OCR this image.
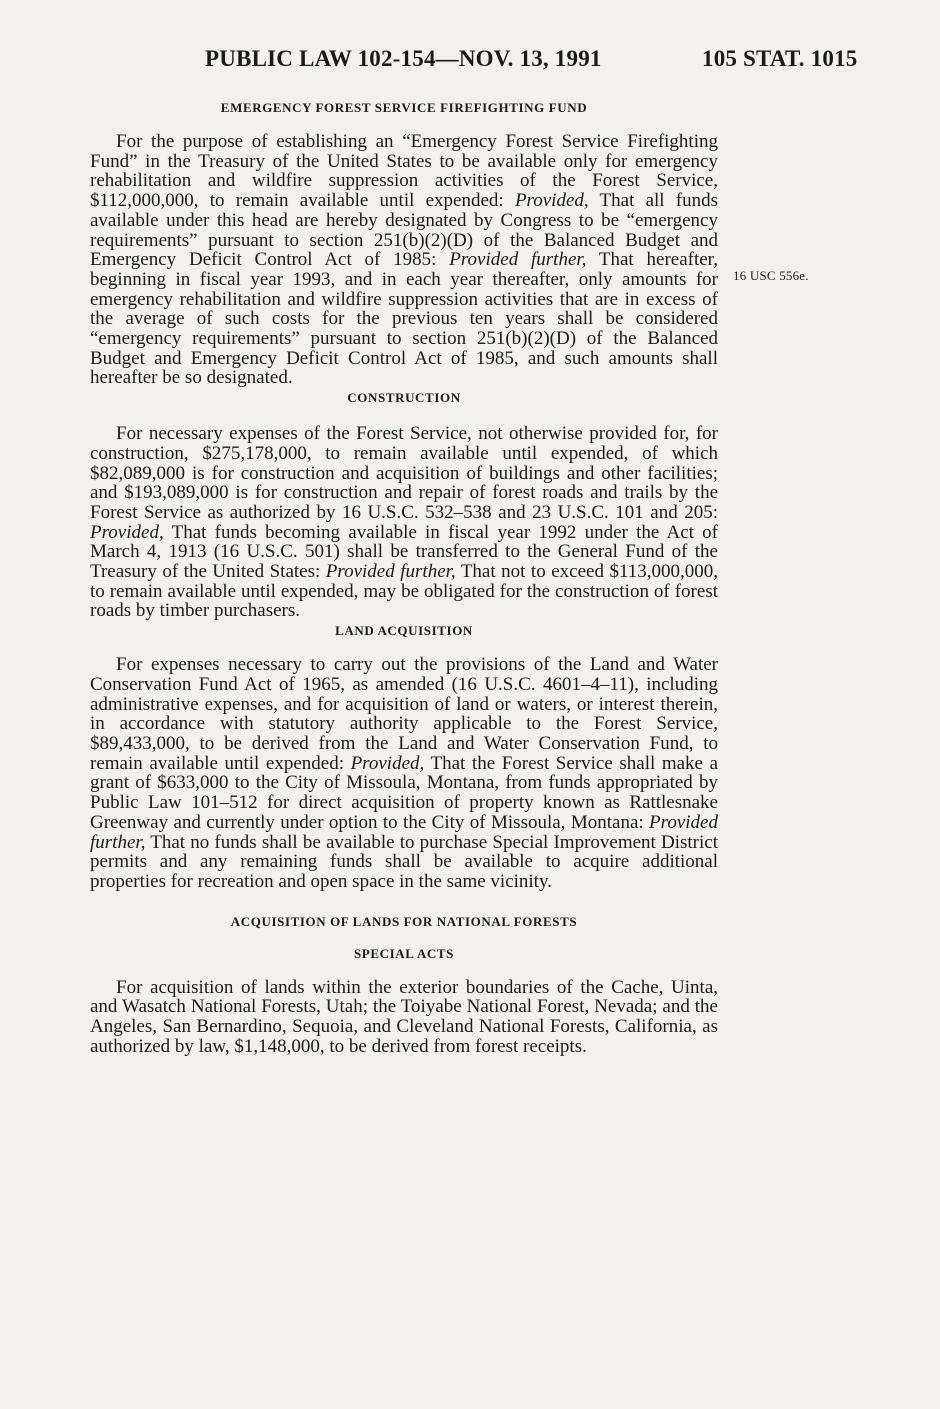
PUBLIC LAW 102-154—NOV. 13, 1991	105 STAT. 1015
16 USC 556e.
EMERGENCY FOREST SERVICE FIREFIGHTING FUND

For the purpose of establishing an “Emergency Forest Service Firefighting Fund” in the Treasury of the United States to be available only for emergency rehabilitation and wildfire suppression activities of the Forest Service, $112,000,000, to remain available until expended: Provided, That all funds available under this head are hereby designated by Congress to be “emergency requirements” pursuant to section 251(b)(2)(D) of the Balanced Budget and Emergency Deficit Control Act of 1985: Provided further, That hereafter, beginning in fiscal year 1993, and in each year thereafter, only amounts for emergency rehabilitation and wildfire suppression activities that are in excess of the average of such costs for the previous ten years shall be considered “emergency requirements” pursuant to section 251(b)(2)(D) of the Balanced Budget and Emergency Deficit Control Act of 1985, and such amounts shall hereafter be so designated.

CONSTRUCTION

For necessary expenses of the Forest Service, not otherwise provided for, for construction, $275,178,000, to remain available until expended, of which $82,089,000 is for construction and acquisition of buildings and other facilities; and $193,089,000 is for construction and repair of forest roads and trails by the Forest Service as authorized by 16 U.S.C. 532–538 and 23 U.S.C. 101 and 205: Provided, That funds becoming available in fiscal year 1992 under the Act of March 4, 1913 (16 U.S.C. 501) shall be transferred to the General Fund of the Treasury of the United States: Provided further, That not to exceed $113,000,000, to remain available until expended, may be obligated for the construction of forest roads by timber purchasers.

LAND ACQUISITION

For expenses necessary to carry out the provisions of the Land and Water Conservation Fund Act of 1965, as amended (16 U.S.C. 4601–4–11), including administrative expenses, and for acquisition of land or waters, or interest therein, in accordance with statutory authority applicable to the Forest Service, $89,433,000, to be derived from the Land and Water Conservation Fund, to remain available until expended: Provided, That the Forest Service shall make a grant of $633,000 to the City of Missoula, Montana, from funds appropriated by Public Law 101–512 for direct acquisition of property known as Rattlesnake Greenway and currently under option to the City of Missoula, Montana: Provided further, That no funds shall be available to purchase Special Improvement District permits and any remaining funds shall be available to acquire additional properties for recreation and open space in the same vicinity.

ACQUISITION OF LANDS FOR NATIONAL FORESTS
SPECIAL ACTS

For acquisition of lands within the exterior boundaries of the Cache, Uinta, and Wasatch National Forests, Utah; the Toiyabe National Forest, Nevada; and the Angeles, San Bernardino, Sequoia, and Cleveland National Forests, California, as authorized by law, $1,148,000, to be derived from forest receipts.
